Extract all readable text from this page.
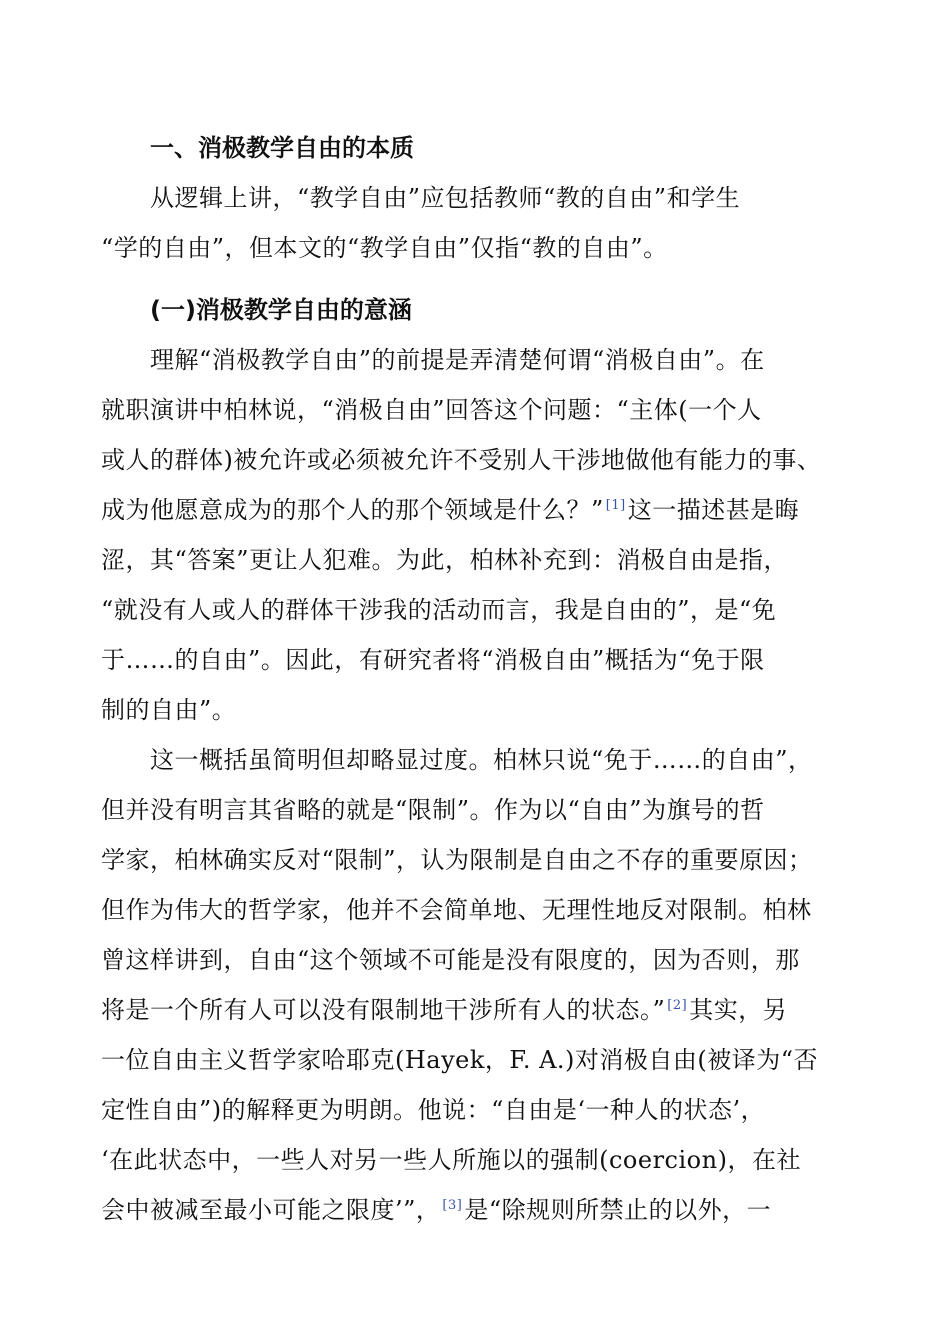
一、消极教学自由的本质
从逻辑上讲，“教学自由”应包括教师“教的自由”和学生
“学的自由”，但本文的“教学自由”仅指“教的自由”。
(一)消极教学自由的意涵
理解“消极教学自由”的前提是弄清楚何谓“消极自由”。在
就职演讲中柏林说，“消极自由”回答这个问题：“主体(一个人
或人的群体)被允许或必须被允许不受别人干涉地做他有能力的事、
成为他愿意成为的那个人的那个领域是什么？” [1]这一描述甚是晦
涩，其“答案”更让人犯难。为此，柏林补充到：消极自由是指，
“就没有人或人的群体干涉我的活动而言，我是自由的”，是“免
于……的自由”。因此，有研究者将“消极自由”概括为“免于限
制的自由”。
这一概括虽简明但却略显过度。柏林只说“免于……的自由”，
但并没有明言其省略的就是“限制”。作为以“自由”为旗号的哲
学家，柏林确实反对“限制”，认为限制是自由之不存的重要原因；
但作为伟大的哲学家，他并不会简单地、无理性地反对限制。柏林
曾这样讲到，自由“这个领域不可能是没有限度的，因为否则，那
将是一个所有人可以没有限制地干涉所有人的状态。” [2]其实，另
一位自由主义哲学家哈耶克(Hayek，F. A.)对消极自由(被译为“否
定性自由”)的解释更为明朗。他说：“自由是‘一种人的状态’，
‘在此状态中，一些人对另一些人所施以的强制(coercion)，在社
会中被减至最小可能之限度’”， [3]是“除规则所禁止的以外，一
